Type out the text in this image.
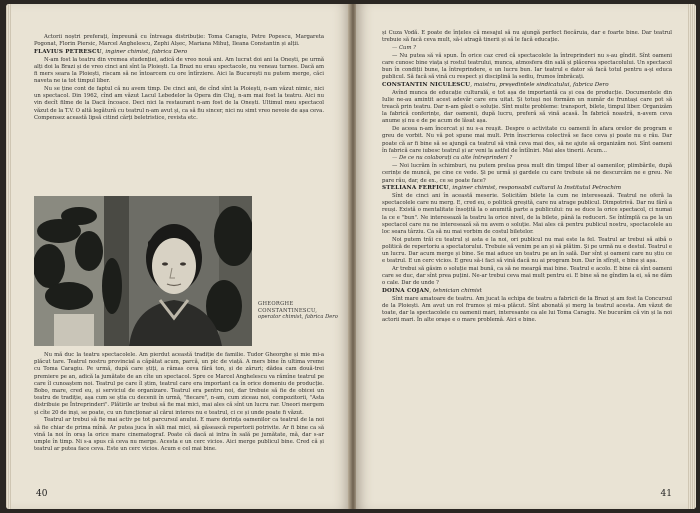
Actorii noștri preferați, împreună cu întreaga distribuție: Toma Caragiu, Petre Popescu, Margareta Pogonat, Florin Piersic, Marcel Anghelescu, Zephi Alșec, Mariana Mihuț, Ileana Constantin și alții.

FLAVIUS PETRESCU, inginer chimist, fabrica Dero

N-am fost la teatru din vremea studenției, adică de vreo nouă ani. Am lucrat doi ani la Onești, pe urmă alți doi la Brazi și de vreo cinci ani sînt la Ploiești. La Brazi nu erau spectacole, nu veneau turnee. Dacă am fi mers seara la Ploiești, riscam să ne întoarcem cu ore întîrziere. Aici la București nu putem merge, căci naveta ne ia tot timpul liber.

Nu se ține cont de faptul că nu avem timp. De cinci ani, de cînd sînt la Ploiești, n-am văzut nimic, nici un spectacol. Din 1962, cînd am văzut Lacul Lebedelor la Opera din Cluj, n-am mai fost la teatru. Aici nu vin decît filme de la Dacii încoace. Deci nici la restaurant n-am fost de la Onești. Ultimul meu spectacol văzut de la T.V. O altă legătură cu teatrul n-am avut și, ca să fiu sincer, nici nu simt vreo nevoie de așa ceva. Compensez această lipsă citind cărți beletristice, revista etc.

GHEORGHE CONSTANTINESCU,
operator chimist, fabrica Dero

Nu mă duc la teatru spectacolele. Am pierdut această tradiție de familie. Tudor Gheorghe și mie mi-a plăcut tare. Teatrul nostru provincial a căpătat acum, parcă, un pic de viață. A mers bine în ultima vreme cu Toma Caragiu. Pe urmă, după care știți, a rămas ceva fără ton, și de zăruri; dădea cam două-trei premiere pe an, adică la jumătate de an cîte un spectacol. Spre ce Marcel Anghelescu va rămîne teatrul pe care îl cunoaștem noi. Teatrul pe care îl știm, teatrul care era important ca în orice domeniu de producție. Bobo, mare, cred eu, și serviciul de organizare. Teatrul era pentru noi, dar trebuie să fie de obicei un teatru de tradiție, așa cum se știa cu decenii în urmă, "fiecare", n-am, cum ziceau noi, compozitorii, "Asta distribuie pe Întreprinderi". Plătirile ar trebui să fie mai mici, mai ales că sînt un lucru rar. Uneori mergem și cîte 20 de inși, se poate, cu un funcționar al cărui interes nu e teatrul, ci ce și unde poate fi văzut.

Teatrul ar trebui să fie mai activ pe tot parcursul anului. E mare dorința oamenilor ca teatrul de la noi să fie chiar de prima mînă. Ar putea juca în săli mai mici, să găsească repertorii potrivite. Ar fi bine ca să vină la noi în oraș la orice mare cinematograf. Poate că dacă ai intra în sală pe jumătate, mă, dar s-ar umple în timp. Ni s-a spus că ceva nu merge. Acesta e un cerc vicios. Aici merge publicul bine. Cred că și teatrul ar putea face ceva. Este un cerc vicios. Acum e cel mai bine.

40

și Cuza Vodă. E poate de înțeles că mesajul să nu ajungă perfect fiecăruia, dar e foarte bine. Dar teatrul trebuie să facă ceva mult, să-i atragă tinerii și să le facă educație.

— Cum ?

— Nu putea să vă spun. În orice caz cred că spectacolele la întreprinderi nu s-au gîndit. Sînt oameni care cunosc bine viața și rostul teatrului, munca, atmosfera din sală și plăcerea spectacolului. Un spectacol bun în condiții bune, la întreprindere, e un lucru bun. Iar teatrul e dator să facă totul pentru a-și educa publicul. Să facă să vină cu respect și disciplină la sediu, frumos îmbrăcați.

CONSTANTIN NICULESCU, maistru, președintele sindicatului, fabrica Dero

Avînd munca de educație culturală, e tot așa de importantă ca și cea de producție. Documentele din Iulie ne-au amintit acest adevăr care era uitat. Și totuși noi formăm un număr de fruntași care pot să treacă prin teatru. Dar n-am găsit o soluție. Sînt multe probleme: transport, bilete, timpul liber. Organizăm la fabrică conferințe, dar oamenii, după lucru, preferă să vină acasă. În fabrică noastră, n-avem ceva anume și nu e de pe acum de lăsat așa.

De aceea n-am încercat și nu s-a reușit. Despre o activitate cu oamenii în afara orelor de program e greu de vorbit. Nu vă pot spune mai mult. Prin înscrierea colectivă se face ceva și poate nu e rău. Dar poate că ar fi bine să se ajungă ca teatrul să vină ceva mai des, să ne ajute să organizăm noi. Sînt oameni în fabrică care iubesc teatrul și ar veni la astfel de întîlniri. Mai ales tinerii. Acum...

— De ce nu colaborați cu alte întreprinderi ?

— Noi lucrăm în schimburi, nu putem prelua prea mult din timpul liber al oamenilor, plimbările, după cerințe de muncă, pe cine ce vede. Și pe urmă și gardele cu care trebuie să ne descurcăm ne e greu. Ne pare rău, dar, de ex., ce se poate face?

STELIANA FERFICU, inginer chimist, responsabil cultural la Institutul Petrochim

Sînt de cinci ani în această meserie. Solicităm bilete la cum ne interesează. Teatrul ne oferă la spectacolele care nu merg. E, cred eu, o politică greșită, care nu atrage publicul. Dimpotrivă. Dar nu fără a reuși. Există o mentalitate însoțită la o anumită parte a publicului: nu se duce la orice spectacol, ci numai la ce e "bun". Ne interesează la teatru la orice nivel, de la bilete, până la reduceri. Se întîmplă ca pe la un spectacol care nu ne interesează să nu avem o soluție. Mai ales că pentru publicul nostru, spectacolele au loc seara târziu. Ca să nu mai vorbim de costul biletelor.

Noi putem trăi cu teatrul și asta e la noi, ori publicul nu mai este la fel. Teatrul ar trebui să aibă o politică de repertoriu a spectatorului. Trebuie să venim pe an și să plătim. Și pe urmă nu e destul. Teatrul e un lucru. Dar acum merge și bine. Se mai aduce un teatru pe an în sală. Dar sînt și oameni care nu știu ce e teatrul. E un cerc vicios. E greu să-i faci să vină dacă nu ai program bun. Dar în sfîrșit, e bine și așa.

Ar trebui să găsim o soluție mai bună, ca să ne meargă mai bine. Teatrul e acolo. E bine că sînt oameni care se duc, dar sînt prea puțini. Ne-ar trebui ceva mai mult pentru ei. E bine să ne gîndim la ei, să ne dăm o cale. Dar de unde ?

DOINA COJAN, tehnician chimist

Sînt mare amatoare de teatru. Am jucat la echipa de teatru a fabricii de la Brazi și am fost la Concursul de la Ploiești. Am avut un rol frumos și mi-a plăcut. Sînt abonată și merg la teatrul acesta. Am văzut de toate, dar la spectacolele cu oamenii mari, interesante ca ale lui Toma Caragiu. Ne bucurăm că vin și la noi actorii mari. În alte orașe e o mare problemă. Aici e bine.

41
